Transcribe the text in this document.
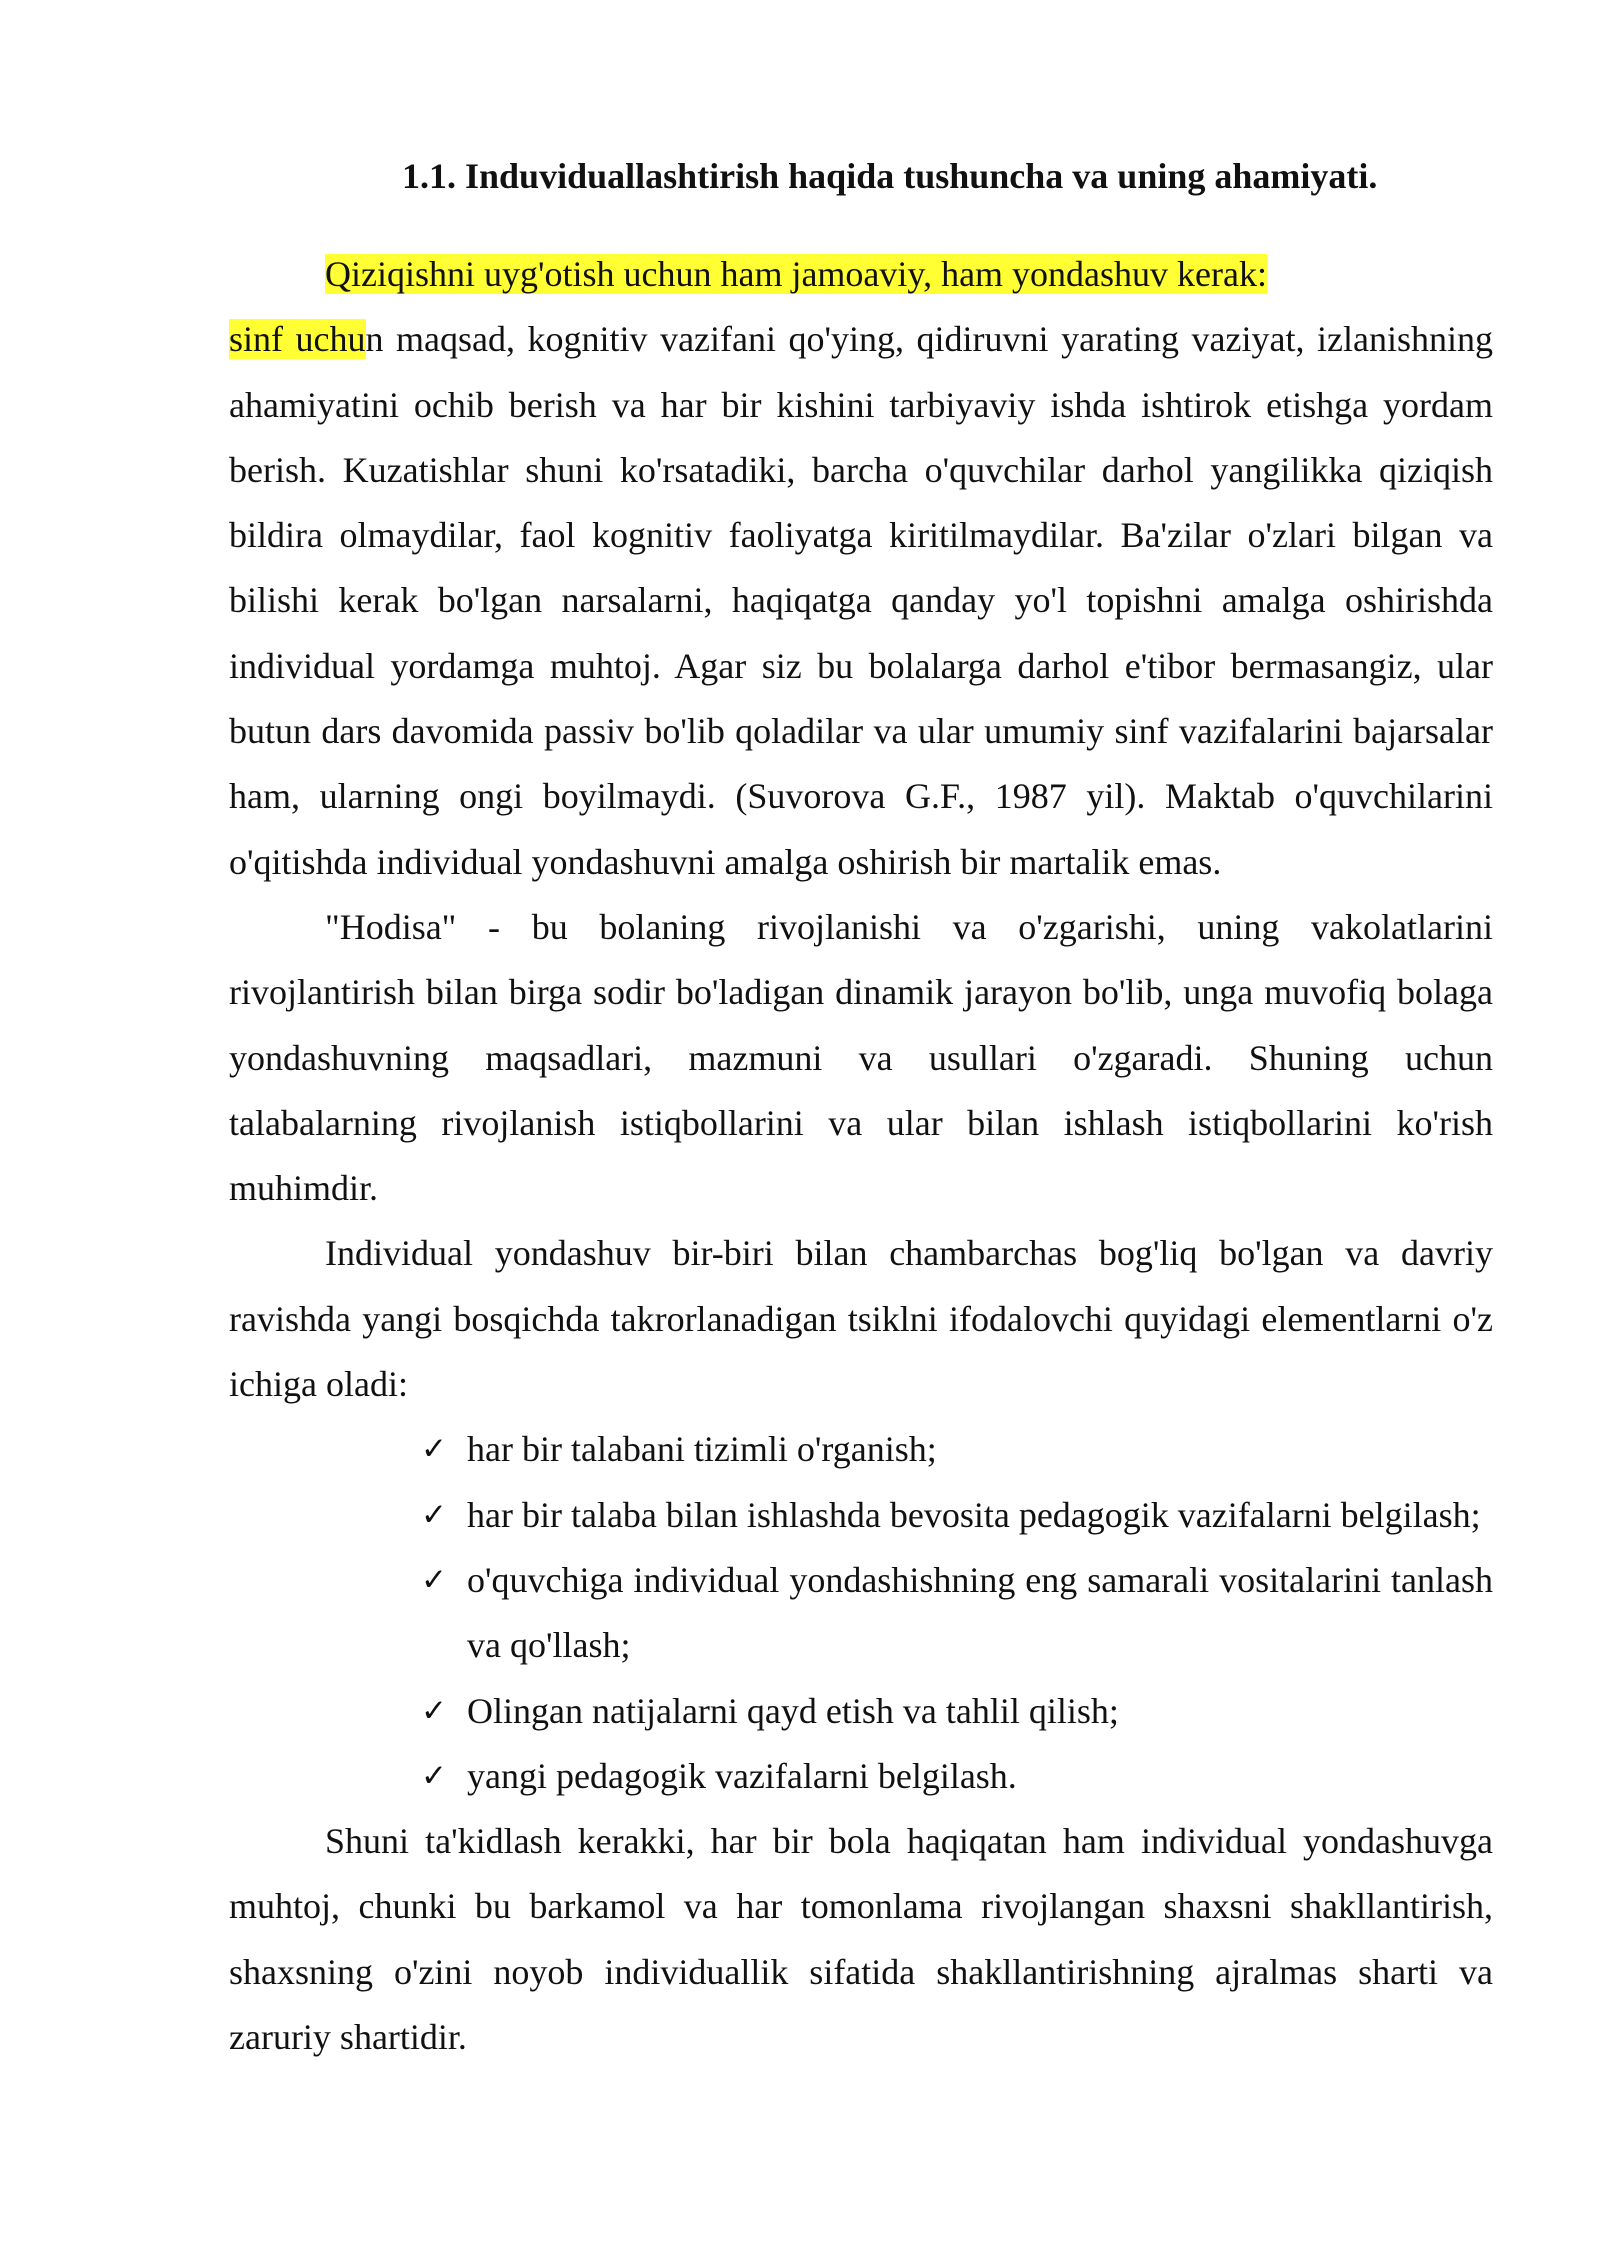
1.1. Induviduallashtirish haqida tushuncha va uning ahamiyati.

Qiziqishni uyg'otish uchun ham jamoaviy, ham yondashuv kerak:
sinf uchun maqsad, kognitiv vazifani qo'ying, qidiruvni yarating vaziyat, izlanishning ahamiyatini ochib berish va har bir kishini tarbiyaviy ishda ishtirok etishga yordam berish. Kuzatishlar shuni ko'rsatadiki, barcha o'quvchilar darhol yangilikka qiziqish bildira olmaydilar, faol kognitiv faoliyatga kiritilmaydilar. Ba'zilar o'zlari bilgan va bilishi kerak bo'lgan narsalarni, haqiqatga qanday yo'l topishni amalga oshirishda individual yordamga muhtoj. Agar siz bu bolalarga darhol e'tibor bermasangiz, ular butun dars davomida passiv bo'lib qoladilar va ular umumiy sinf vazifalarini bajarsalar ham, ularning ongi boyilmaydi. (Suvorova G.F., 1987 yil). Maktab o'quvchilarini o'qitishda individual yondashuvni amalga oshirish bir martalik emas.

"Hodisa" - bu bolaning rivojlanishi va o'zgarishi, uning vakolatlarini rivojlantirish bilan birga sodir bo'ladigan dinamik jarayon bo'lib, unga muvofiq bolaga yondashuvning maqsadlari, mazmuni va usullari o'zgaradi. Shuning uchun talabalarning rivojlanish istiqbollarini va ular bilan ishlash istiqbollarini ko'rish muhimdir.

Individual yondashuv bir-biri bilan chambarchas bog'liq bo'lgan va davriy ravishda yangi bosqichda takrorlanadigan tsiklni ifodalovchi quyidagi elementlarni o'z ichiga oladi:

✓ har bir talabani tizimli o'rganish;
✓ har bir talaba bilan ishlashda bevosita pedagogik vazifalarni belgilash;
✓ o'quvchiga individual yondashishning eng samarali vositalarini tanlash va qo'llash;
✓ Olingan natijalarni qayd etish va tahlil qilish;
✓ yangi pedagogik vazifalarni belgilash.

Shuni ta'kidlash kerakki, har bir bola haqiqatan ham individual yondashuvga muhtoj, chunki bu barkamol va har tomonlama rivojlangan shaxsni shakllantirish, shaxsning o'zini noyob individuallik sifatida shakllantirishning ajralmas sharti va zaruriy shartidir.
